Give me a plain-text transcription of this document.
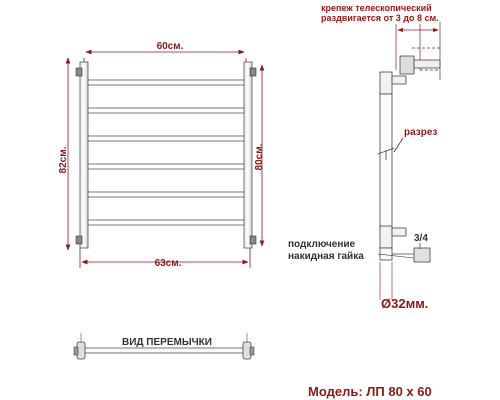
60см.
82см.	80см.
63см.
крепеж телескопический
раздвигается от 3 до 8 см.
разрез
3/4
подключение
накидная гайка
Ø32мм.
ВИД ПЕРЕМЫЧКИ
Модель: ЛП 80 х 60
